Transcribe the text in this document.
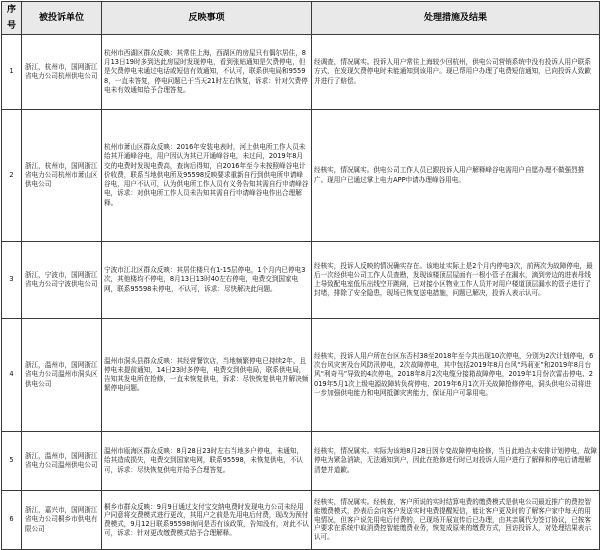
序号	被投诉单位	反映事项	处理措施及结果
1	浙江，杭州市，国网浙江省电力公司杭州供电公司	杭州市西湖区群众反映：其常住上海，西湖区的房屋只有偶尔居住，8月13日19时多到达此房屋时发现停电，看到张贴通知是欠费停电，但是欠费停电未通过电话或短信有效通知，不认可，联系供电局和95598，一直未答复，停电问题已于当天21时左右恢复，诉求：针对欠费停电未有效通知给予合理答复。	经调查，情况属实。投诉人用户常住上海较少回杭州，供电公司营销系统中没有投诉人用户联系方式，在发现欠费停电时未能通知到该用户。现已帮用户办理了电费短信通知，已向投诉人致歉并进行了赔偿。
2	浙江，杭州市，国网浙江省电力公司杭州市萧山区供电公司	杭州市萧山区群众反映：2016年安装电表时，河上供电所工作人员未给其开通峰谷电，用户因认为其已开通峰谷电，未过问，2019年8月交的电费时发现电费高，查询后得知，自2016年至今未按照峰谷电计价收费，联系当地供电所及95598反映要求重新自行到供电所申请峰谷电，用户不认可，认为供电所工作人员有义务告知其需自行申请峰谷电，诉求：对供电所工作人员未告知其需自行申请峰谷电作出合理解释。	经核实，情况属实。供电公司工作人员已跟投诉人用户解释峰谷电需用户自愿办理不做强烈推广。现用户已通过掌上电力APP申请办理峰谷用电。
3	浙江，宁波市，国网浙江省电力公司宁波供电公司	宁波市江北区群众反映：其居住楼只有1-15层停电，1个月内已停电3次，其他楼均不停电，8月13日13时40左右停电，电费交到国家电网，联系95598未停电，不认可，诉求：尽快解决此问题。	经核实，投诉人反映的情况确实存在。该地址实际上是2个月内停电3次，前两次为故障停电，最后一次经供电公司工作人员查勘，发现该楼顶层屋面有一根小管子在漏水，滴到旁边的进表母线上导致配电室低压出线空开跳闸，已对接小区物业工作人员并对用户楼道顶层漏水的管子进行了封堵，排除了安全隐患，现场已恢复送电措施，问题已解决，投诉人表示认可。
4	浙江，温州市，国网浙江省电力公司温州市洞头区供电公司	温州市洞头县群众反映：其经营餐饮店，当地频繁停电已持续2年，且停电未提前通知，14日23时多停电，电费交到供电局，联系供电局，告知其发电所在抢修，一直未恢复供电，诉求：尽快恢复供电并解决频繁停电问题。	经核实，投诉人用户所在台区东否村38至2018年至今共出现10次停电，分别为2次计划停电，6次台风灾害及台风防汛停电，2次故障停电，其中包括2019年8月台风“玛莉亚”和2019年8月台风“利奇马”导致的4次停电，2018年8月2次电缆分接箱故障停电，2019年1月份次雷击停电、2019年5月1次上级电源故障转负荷停电、2019年6月1次开关故障抢修停电，洞头供电公司将进一步加强供电能力和电网抵御灾害能力，保证用户可靠用电。
5	浙江，温州市，国网浙江省电力公司温州供电公司	温州市瓯海区群众反映：8月28日23时左右当地多户停电，未通知，给其造成损失，电费交到国家电网，联系95598，未恢复供电，不认可，诉求：尽快恢复供电并给予合理答复。	经核实，情况属实。实际为该地8月28日因专变故障停电检修，当日此地点未安排计划停电，故障停电为紧急消缺，无法通知到户，因此在抢修进行时已对投诉人用户进行了解释和停电后请理解清楚并道歉。
6	浙江，嘉兴市，国网浙江省电力公司桐乡市供电有限公司	桐乡市群众反映：9月9日通过支付宝交纳电费时发现电力公司未经用户同意将交费模式进行更改，其用户之前是先用电后付费，现改为预付费模式，9月12日联系95598询问是否有该政策，告知没有，对此不认可，诉求：针对更改缴费模式给予合理解释。	经核实，情况属实。经核查，客户所说的实时结算电费的缴费模式是供电公司最近推广的费控智能缴费模式，抄表后会向客户发送实时电费提醒短信，能让客户更及时的了解客户家中每天的用电情况，但客户说先用电后付费的，已现场开展宣传后已办理，由其亲属代为签订协议，已按客户要求在系统中取消费控智能缴费业务，恢复成原来的缴费方式，回访投诉人，对处理结果表示认可。
